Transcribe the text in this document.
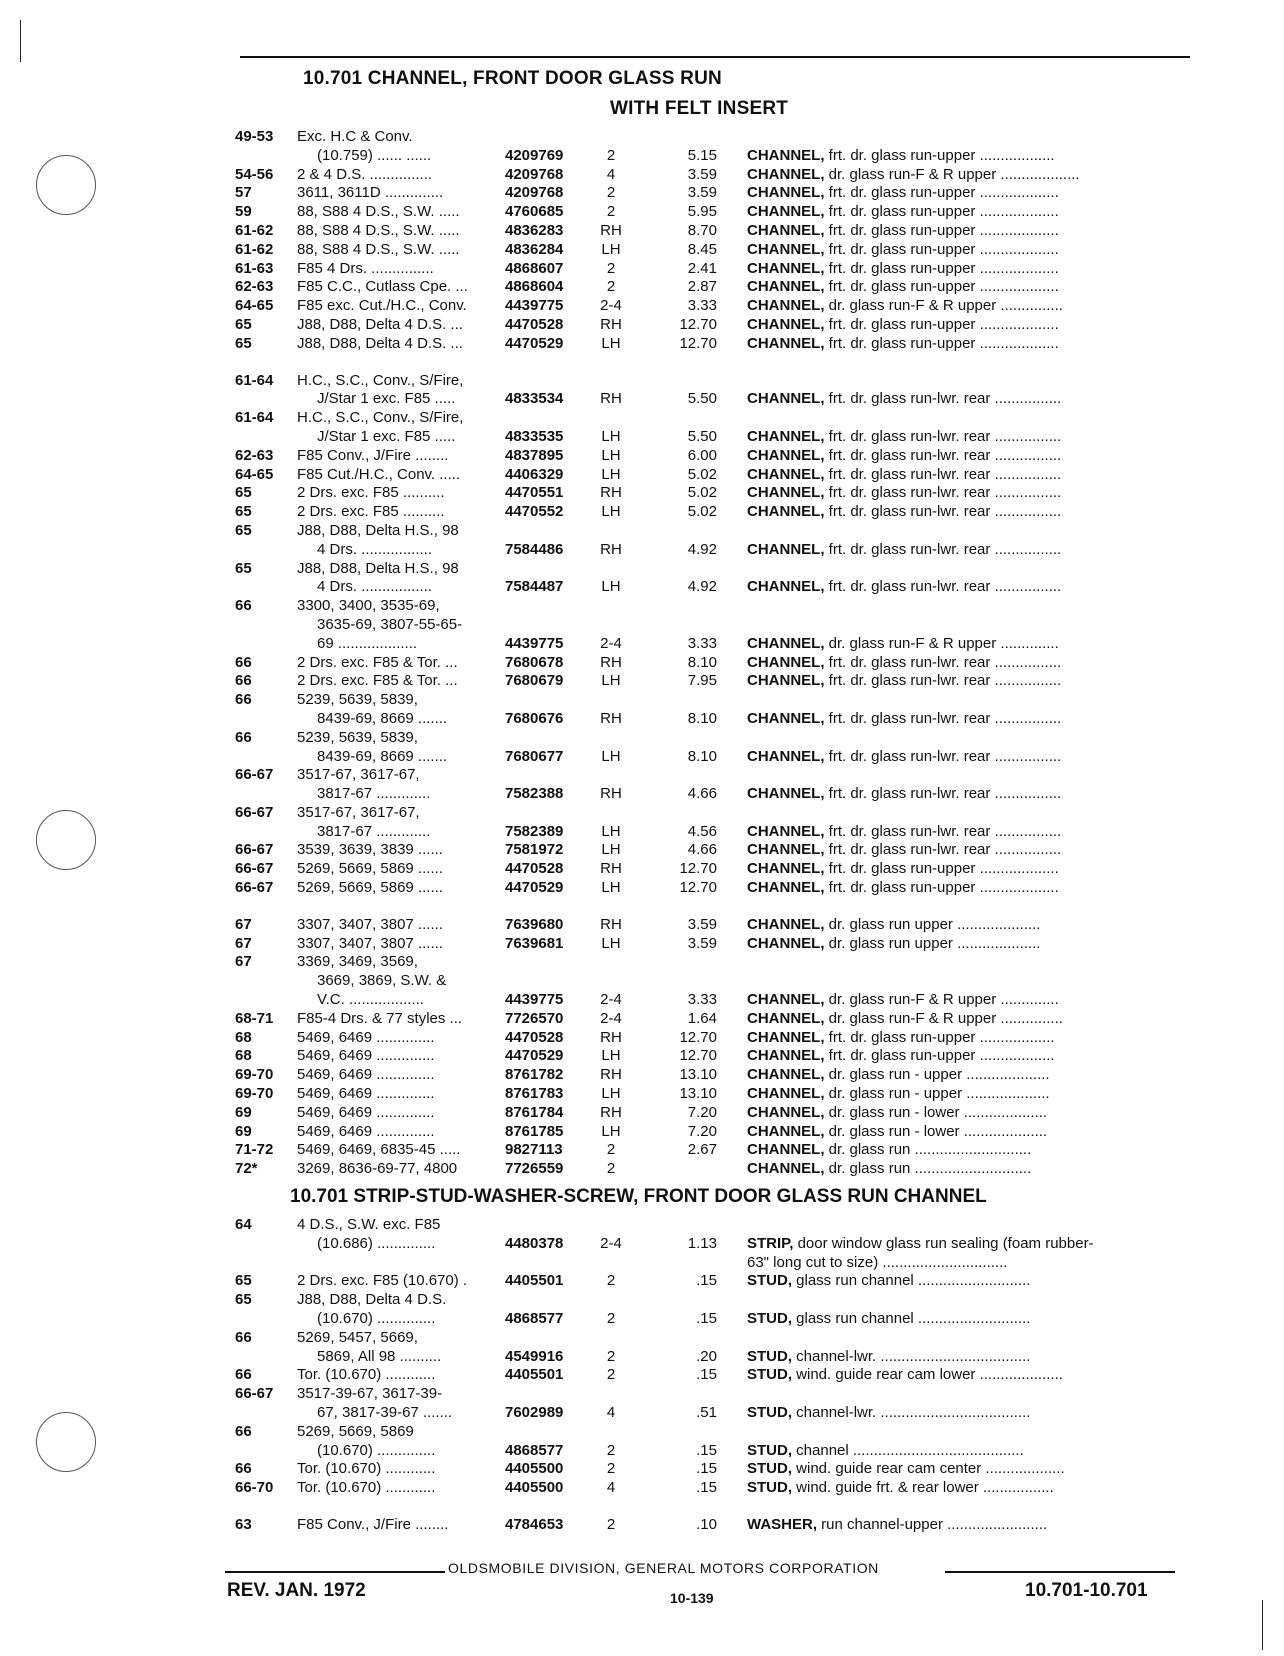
10.701 CHANNEL, FRONT DOOR GLASS RUN
WITH FELT INSERT
49-53	Exc. H.C & Conv.
(10.759) ...... ......	4209769	2	5.15 CHANNEL, frt. dr. glass run-upper ..................
54-56	2 & 4 D.S. ...............	4209768	4	3.59 CHANNEL, dr. glass run-F & R upper ...................
57	3611, 3611D ..............	4209768	2	3.59 CHANNEL, frt. dr. glass run-upper ...................
59	88, S88 4 D.S., S.W. .....	4760685	2	5.95 CHANNEL, frt. dr. glass run-upper ...................
61-62	88, S88 4 D.S., S.W. .....	4836283	RH	8.70 CHANNEL, frt. dr. glass run-upper ...................
61-62	88, S88 4 D.S., S.W. .....	4836284	LH	8.45 CHANNEL, frt. dr. glass run-upper ...................
61-63	F85 4 Drs. ...............	4868607	2	2.41 CHANNEL, frt. dr. glass run-upper ...................
62-63	F85 C.C., Cutlass Cpe. ...	4868604	2	2.87 CHANNEL, frt. dr. glass run-upper ...................
64-65	F85 exc. Cut./H.C., Conv.	4439775	2-4	3.33 CHANNEL, dr. glass run-F & R upper ...............
65	J88, D88, Delta 4 D.S. ...	4470528	RH	12.70 CHANNEL, frt. dr. glass run-upper ...................
65	J88, D88, Delta 4 D.S. ...	4470529	LH	12.70 CHANNEL, frt. dr. glass run-upper ...................
61-64	H.C., S.C., Conv., S/Fire,
J/Star 1 exc. F85 .....	4833534	RH	5.50 CHANNEL, frt. dr. glass run-lwr. rear ................
61-64	H.C., S.C., Conv., S/Fire,
J/Star 1 exc. F85 .....	4833535	LH	5.50 CHANNEL, frt. dr. glass run-lwr. rear ................
62-63	F85 Conv., J/Fire ........	4837895	LH	6.00 CHANNEL, frt. dr. glass run-lwr. rear ................
64-65	F85 Cut./H.C., Conv. .....	4406329	LH	5.02 CHANNEL, frt. dr. glass run-lwr. rear ................
65	2 Drs. exc. F85 ..........	4470551	RH	5.02 CHANNEL, frt. dr. glass run-lwr. rear ................
65	2 Drs. exc. F85 ..........	4470552	LH	5.02 CHANNEL, frt. dr. glass run-lwr. rear ................
65	J88, D88, Delta H.S., 98
4 Drs. .................	7584486	RH	4.92 CHANNEL, frt. dr. glass run-lwr. rear ................
65	J88, D88, Delta H.S., 98
4 Drs. .................	7584487	LH	4.92 CHANNEL, frt. dr. glass run-lwr. rear ................
66	3300, 3400, 3535-69,
3635-69, 3807-55-65-
69 ...................	4439775	2-4	3.33 CHANNEL, dr. glass run-F & R upper ..............
66	2 Drs. exc. F85 & Tor. ...	7680678	RH	8.10 CHANNEL, frt. dr. glass run-lwr. rear ................
66	2 Drs. exc. F85 & Tor. ...	7680679	LH	7.95 CHANNEL, frt. dr. glass run-lwr. rear ................
66	5239, 5639, 5839,
8439-69, 8669 .......	7680676	RH	8.10 CHANNEL, frt. dr. glass run-lwr. rear ................
66	5239, 5639, 5839,
8439-69, 8669 .......	7680677	LH	8.10 CHANNEL, frt. dr. glass run-lwr. rear ................
66-67	3517-67, 3617-67,
3817-67 .............	7582388	RH	4.66 CHANNEL, frt. dr. glass run-lwr. rear ................
66-67	3517-67, 3617-67,
3817-67 .............	7582389	LH	4.56 CHANNEL, frt. dr. glass run-lwr. rear ................
66-67	3539, 3639, 3839 ......	7581972	LH	4.66 CHANNEL, frt. dr. glass run-lwr. rear ................
66-67	5269, 5669, 5869 ......	4470528	RH	12.70 CHANNEL, frt. dr. glass run-upper ...................
66-67	5269, 5669, 5869 ......	4470529	LH	12.70 CHANNEL, frt. dr. glass run-upper ...................
67	3307, 3407, 3807 ......	7639680	RH	3.59 CHANNEL, dr. glass run upper ....................
67	3307, 3407, 3807 ......	7639681	LH	3.59 CHANNEL, dr. glass run upper ....................
67	3369, 3469, 3569,
3669, 3869, S.W. &
V.C. ..................	4439775	2-4	3.33 CHANNEL, dr. glass run-F & R upper ..............
68-71	F85-4 Drs. & 77 styles ...	7726570	2-4	1.64 CHANNEL, dr. glass run-F & R upper ...............
68	5469, 6469 ..............	4470528	RH	12.70 CHANNEL, frt. dr. glass run-upper ..................
68	5469, 6469 ..............	4470529	LH	12.70 CHANNEL, frt. dr. glass run-upper ..................
69-70	5469, 6469 ..............	8761782	RH	13.10 CHANNEL, dr. glass run - upper ....................
69-70	5469, 6469 ..............	8761783	LH	13.10 CHANNEL, dr. glass run - upper ....................
69	5469, 6469 ..............	8761784	RH	7.20 CHANNEL, dr. glass run - lower ....................
69	5469, 6469 ..............	8761785	LH	7.20 CHANNEL, dr. glass run - lower ....................
71-72	5469, 6469, 6835-45 .....	9827113	2	2.67 CHANNEL, dr. glass run ............................
72*	3269, 8636-69-77, 4800	7726559	2	CHANNEL, dr. glass run ............................
10.701 STRIP-STUD-WASHER-SCREW, FRONT DOOR GLASS RUN CHANNEL
64	4 D.S., S.W. exc. F85
(10.686) ..............	4480378	2-4	1.13 STRIP, door window glass run sealing (foam rubber-
63" long cut to size) ..............................
65	2 Drs. exc. F85 (10.670) .	4405501	2	.15 STUD, glass run channel ...........................
65	J88, D88, Delta 4 D.S.
(10.670) ..............	4868577	2	.15 STUD, glass run channel ...........................
66	5269, 5457, 5669,
5869, All 98 ..........	4549916	2	.20 STUD, channel-lwr. ....................................
66	Tor. (10.670) ............	4405501	2	.15 STUD, wind. guide rear cam lower ....................
66-67	3517-39-67, 3617-39-
67, 3817-39-67 .......	7602989	4	.51 STUD, channel-lwr. ....................................
66	5269, 5669, 5869
(10.670) ..............	4868577	2	.15 STUD, channel .........................................
66	Tor. (10.670) ............	4405500	2	.15 STUD, wind. guide rear cam center ...................
66-70	Tor. (10.670) ............	4405500	4	.15 STUD, wind. guide frt. & rear lower .................
63	F85 Conv., J/Fire ........	4784653	2	.10 WASHER, run channel-upper ........................
OLDSMOBILE DIVISION, GENERAL MOTORS CORPORATION
REV. JAN. 1972	10-139	10.701-10.701
